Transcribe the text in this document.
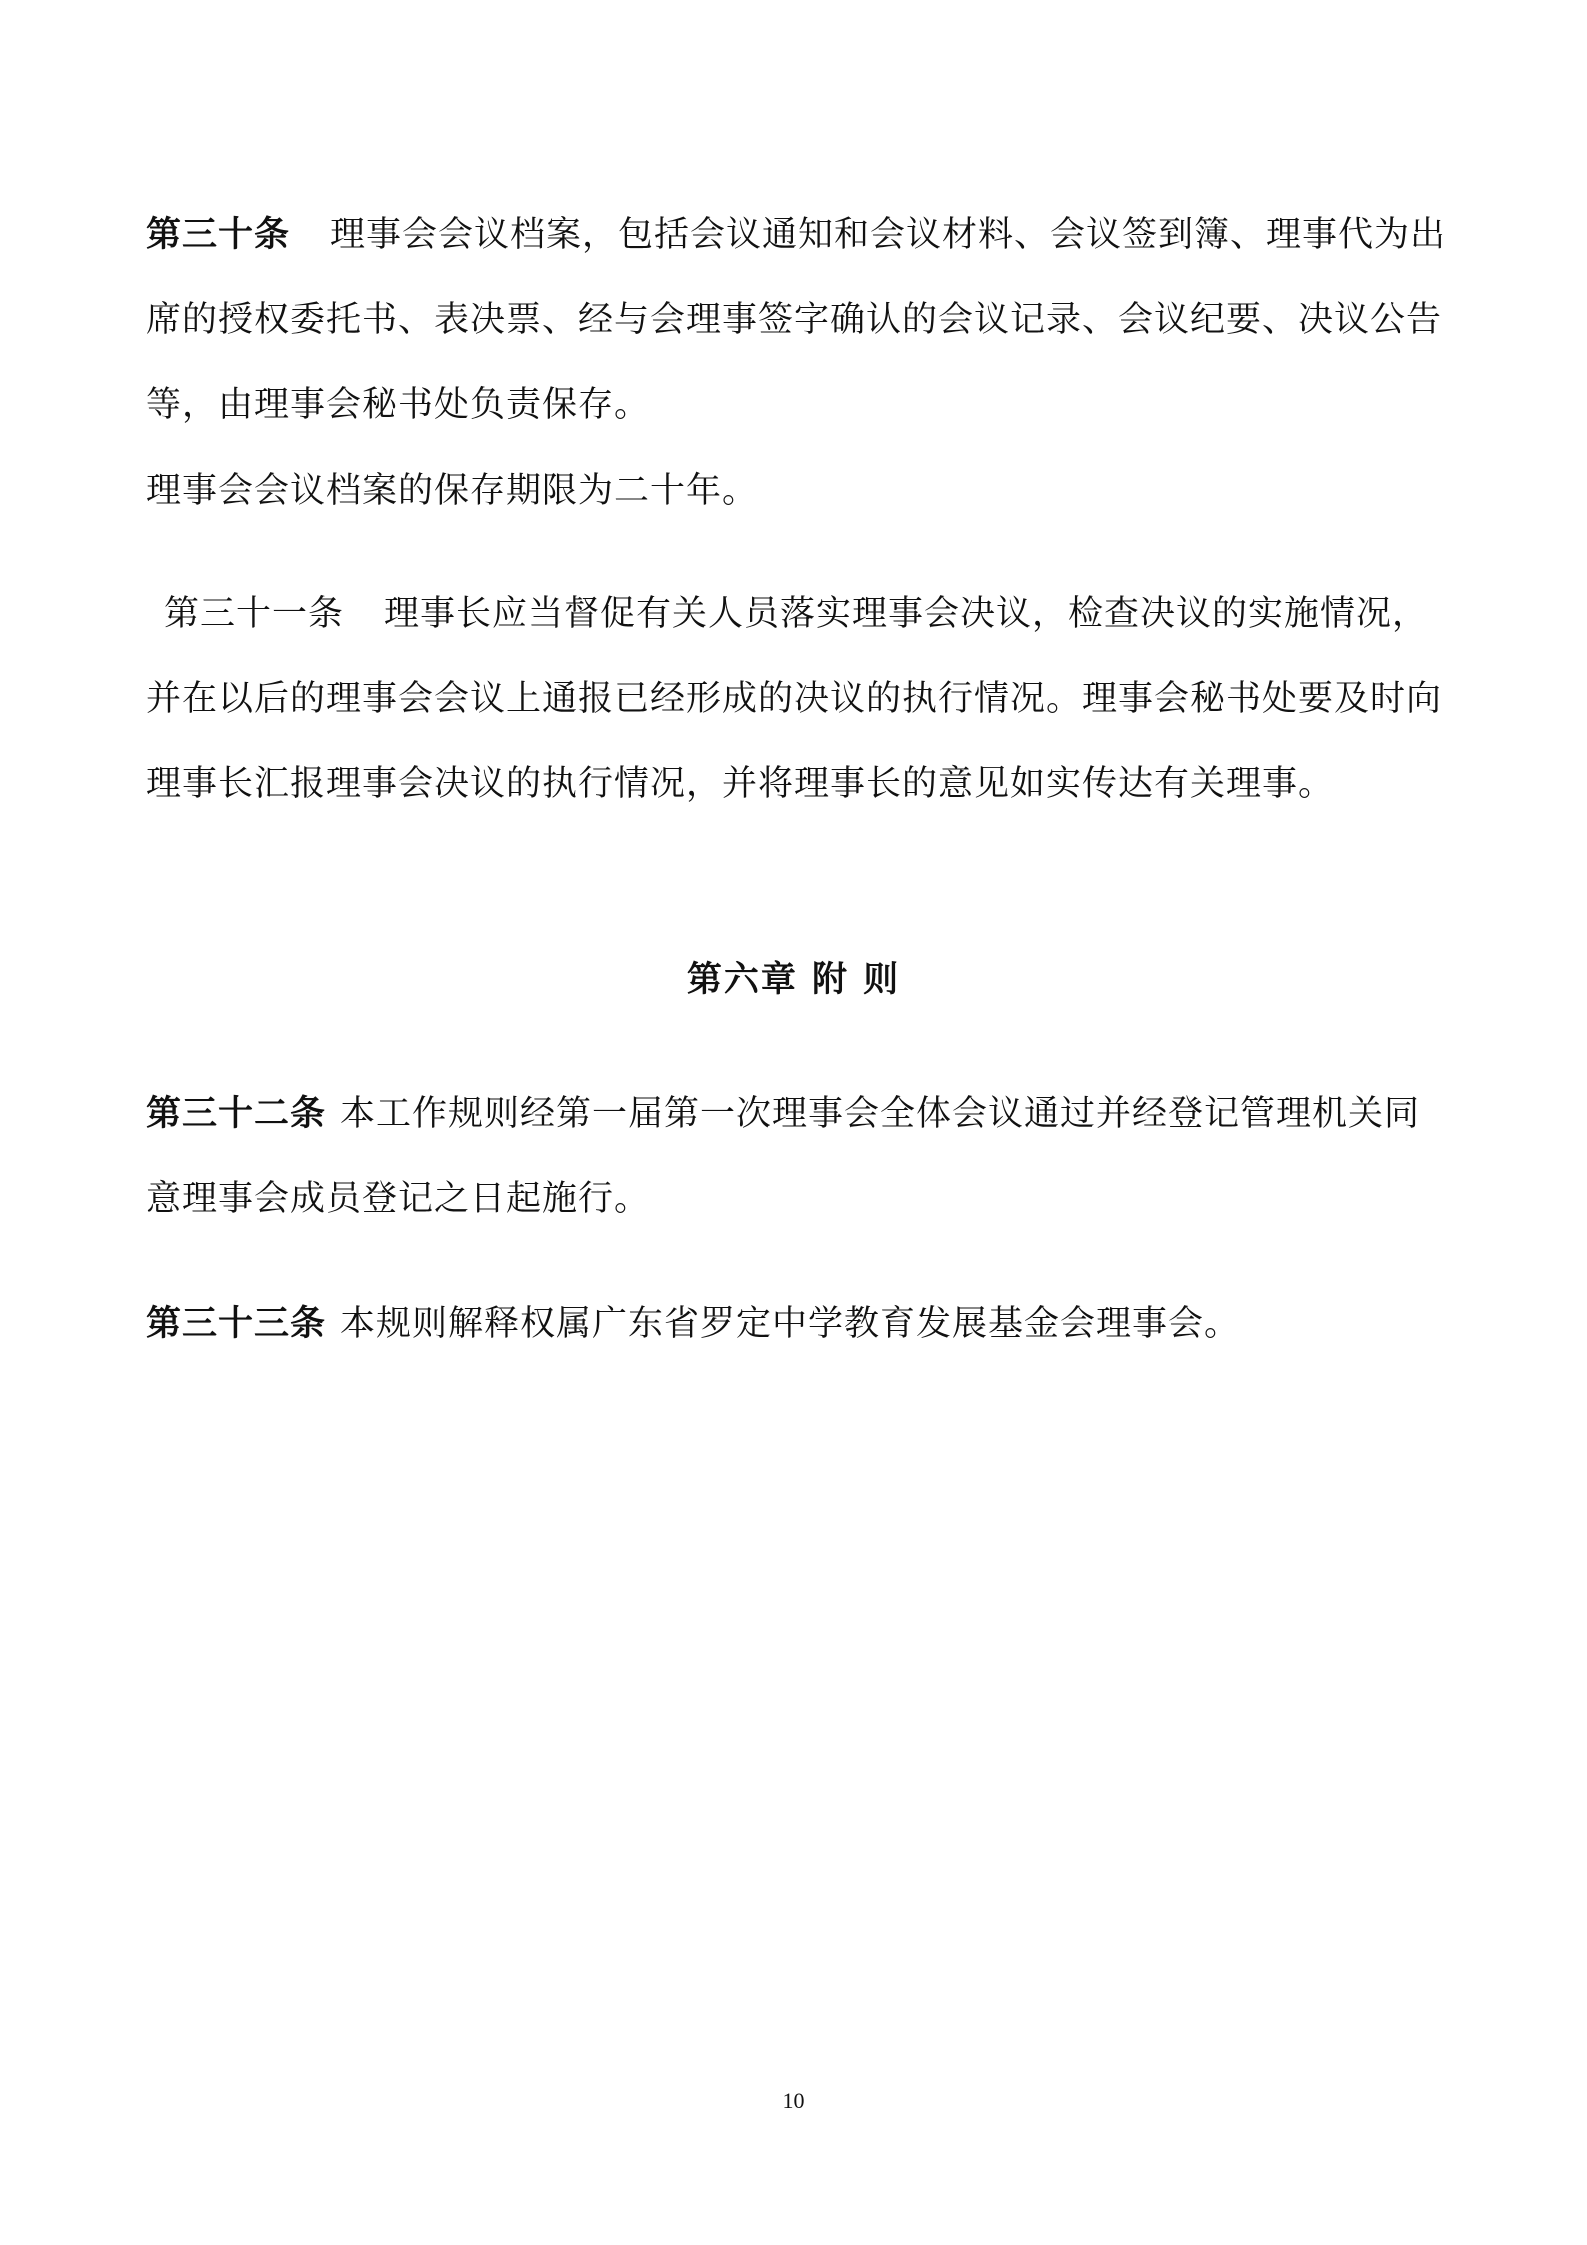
第三十条 理事会会议档案，包括会议通知和会议材料、会议签到簿、理事代为出席的授权委托书、表决票、经与会理事签字确认的会议记录、会议纪要、决议公告等，由理事会秘书处负责保存。

理事会会议档案的保存期限为二十年。

第三十一条 理事长应当督促有关人员落实理事会决议，检查决议的实施情况，并在以后的理事会会议上通报已经形成的决议的执行情况。理事会秘书处要及时向理事长汇报理事会决议的执行情况，并将理事长的意见如实传达有关理事。

第六章 附 则

第三十二条 本工作规则经第一届第一次理事会全体会议通过并经登记管理机关同意理事会成员登记之日起施行。

第三十三条 本规则解释权属广东省罗定中学教育发展基金会理事会。

10
